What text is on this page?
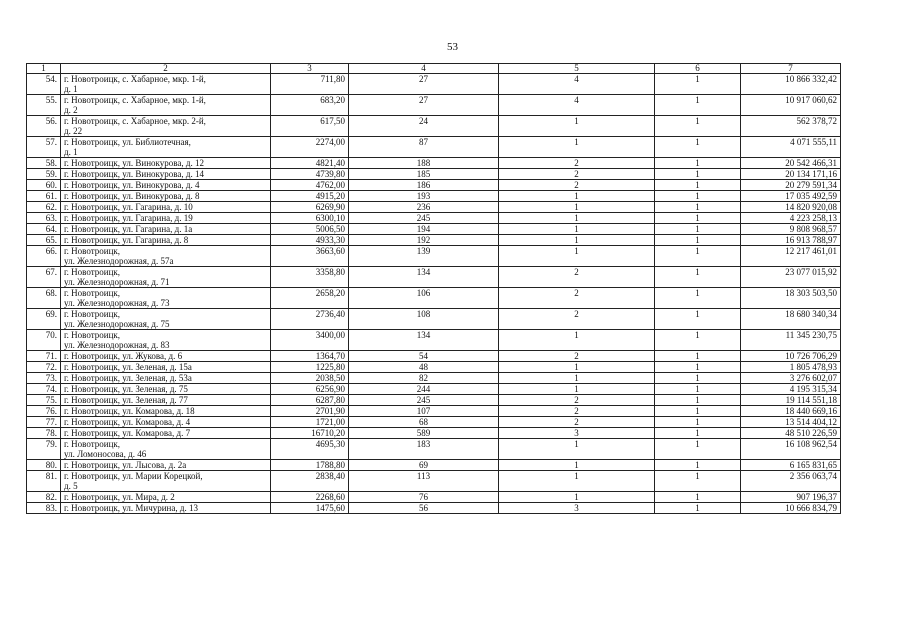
53
1	2	3	4	5	6	7
54.	г. Новотроицк, с. Хабарное, мкр. 1-й,
д. 1	711,80	27	4	1	10 866 332,42
55.	г. Новотроицк, с. Хабарное, мкр. 1-й,
д. 2	683,20	27	4	1	10 917 060,62
56.	г. Новотроицк, с. Хабарное, мкр. 2-й,
д. 22	617,50	24	1	1	562 378,72
57.	г. Новотроицк, ул. Библиотечная,
д. 1	2274,00	87	1	1	4 071 555,11
58.	г. Новотроицк, ул. Винокурова, д. 12	4821,40	188	2	1	20 542 466,31
59.	г. Новотроицк, ул. Винокурова, д. 14	4739,80	185	2	1	20 134 171,16
60.	г. Новотроицк, ул. Винокурова, д. 4	4762,00	186	2	1	20 279 591,34
61.	г. Новотроицк, ул. Винокурова, д. 8	4915,20	193	1	1	17 035 492,59
62.	г. Новотроицк, ул. Гагарина, д. 10	6269,90	236	1	1	14 820 920,08
63.	г. Новотроицк, ул. Гагарина, д. 19	6300,10	245	1	1	4 223 258,13
64.	г. Новотроицк, ул. Гагарина, д. 1а	5006,50	194	1	1	9 808 968,57
65.	г. Новотроицк, ул. Гагарина, д. 8	4933,30	192	1	1	16 913 788,97
66.	г. Новотроицк,
ул. Железнодорожная, д. 57а	3663,60	139	1	1	12 217 461,01
67.	г. Новотроицк,
ул. Железнодорожная, д. 71	3358,80	134	2	1	23 077 015,92
68.	г. Новотроицк,
ул. Железнодорожная, д. 73	2658,20	106	2	1	18 303 503,50
69.	г. Новотроицк,
ул. Железнодорожная, д. 75	2736,40	108	2	1	18 680 340,34
70.	г. Новотроицк,
ул. Железнодорожная, д. 83	3400,00	134	1	1	11 345 230,75
71.	г. Новотроицк, ул. Жукова, д. 6	1364,70	54	2	1	10 726 706,29
72.	г. Новотроицк, ул. Зеленая, д. 15а	1225,80	48	1	1	1 805 478,93
73.	г. Новотроицк, ул. Зеленая, д. 53а	2038,50	82	1	1	3 276 602,07
74.	г. Новотроицк, ул. Зеленая, д. 75	6256,90	244	1	1	4 195 315,34
75.	г. Новотроицк, ул. Зеленая, д. 77	6287,80	245	2	1	19 114 551,18
76.	г. Новотроицк, ул. Комарова, д. 18	2701,90	107	2	1	18 440 669,16
77.	г. Новотроицк, ул. Комарова, д. 4	1721,00	68	2	1	13 514 404,12
78.	г. Новотроицк, ул. Комарова, д. 7	16710,20	589	3	1	48 510 226,59
79.	г. Новотроицк,
ул. Ломоносова, д. 46	4695,30	183	1	1	16 108 962,54
80.	г. Новотроицк, ул. Лысова, д. 2а	1788,80	69	1	1	6 165 831,65
81.	г. Новотроицк, ул. Марии Корецкой,
д. 5	2838,40	113	1	1	2 356 063,74
82.	г. Новотроицк, ул. Мира, д. 2	2268,60	76	1	1	907 196,37
83.	г. Новотроицк, ул. Мичурина, д. 13	1475,60	56	3	1	10 666 834,79
